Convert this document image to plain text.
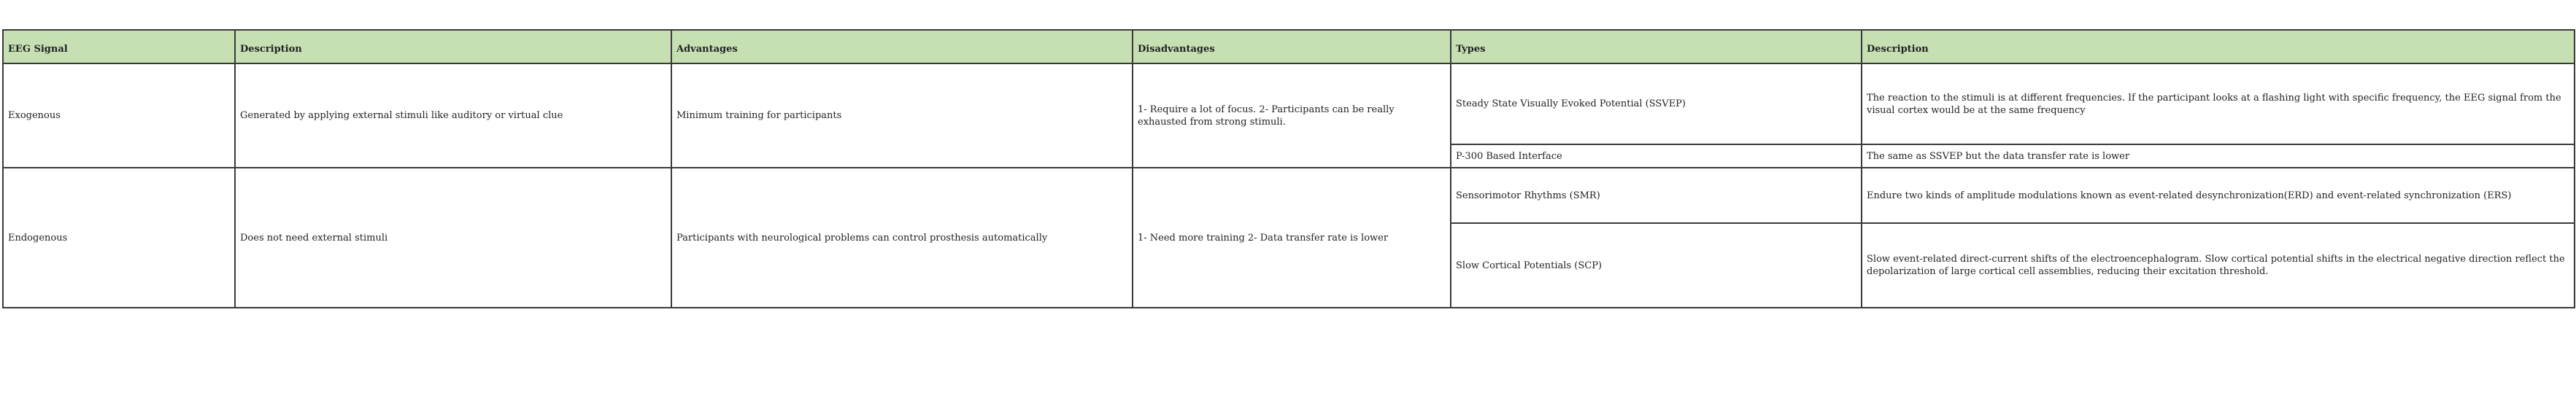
EEG Signal	Description	Advantages	Disadvantages	Types	Description
Exogenous	Generated by applying external stimuli like auditory or virtual clue	Minimum training for participants	1- Require a lot of focus. 2- Participants can be really exhausted from strong stimuli.	Steady State Visually Evoked Potential (SSVEP)	The reaction to the stimuli is at different frequencies. If the participant looks at a flashing light with specific frequency, the EEG signal from the visual cortex would be at the same frequency
				P-300 Based Interface	The same as SSVEP but the data transfer rate is lower
Endogenous	Does not need external stimuli	Participants with neurological problems can control prosthesis automatically	1- Need more training 2- Data transfer rate is lower	Sensorimotor Rhythms (SMR)	Endure two kinds of amplitude modulations known as event-related desynchronization(ERD) and event-related synchronization (ERS)
				Slow Cortical Potentials (SCP)	Slow event-related direct-current shifts of the electroencephalogram. Slow cortical potential shifts in the electrical negative direction reflect the depolarization of large cortical cell assemblies, reducing their excitation threshold.
